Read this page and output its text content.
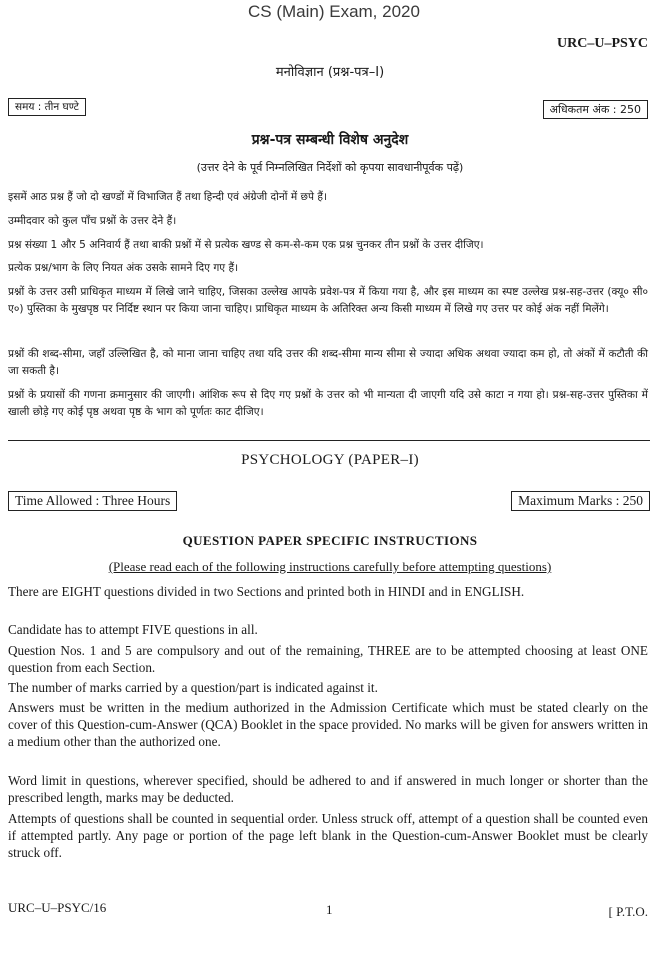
CS (Main) Exam, 2020
URC–U–PSYC
मनोविज्ञान (प्रश्न-पत्र–I)
समय : तीन घण्टे	अधिकतम अंक : 250
प्रश्न-पत्र सम्बन्धी विशेष अनुदेश
(उत्तर देने के पूर्व निम्नलिखित निर्देशों को कृपया सावधानीपूर्वक पढ़ें)
इसमें आठ प्रश्न हैं जो दो खण्डों में विभाजित हैं तथा हिन्दी एवं अंग्रेजी दोनों में छपे हैं।
उम्मीदवार को कुल पाँच प्रश्नों के उत्तर देने हैं।
प्रश्न संख्या 1 और 5 अनिवार्य हैं तथा बाकी प्रश्नों में से प्रत्येक खण्ड से कम-से-कम एक प्रश्न चुनकर तीन प्रश्नों के उत्तर दीजिए।
प्रत्येक प्रश्न/भाग के लिए नियत अंक उसके सामने दिए गए हैं।
प्रश्नों के उत्तर उसी प्राधिकृत माध्यम में लिखे जाने चाहिए, जिसका उल्लेख आपके प्रवेश-पत्र में किया गया है, और इस माध्यम का स्पष्ट उल्लेख प्रश्न-सह-उत्तर (क्यू० सी० ए०) पुस्तिका के मुखपृष्ठ पर निर्दिष्ट स्थान पर किया जाना चाहिए। प्राधिकृत माध्यम के अतिरिक्त अन्य किसी माध्यम में लिखे गए उत्तर पर कोई अंक नहीं मिलेंगे।
प्रश्नों की शब्द-सीमा, जहाँ उल्लिखित है, को माना जाना चाहिए तथा यदि उत्तर की शब्द-सीमा मान्य सीमा से ज्यादा अधिक अथवा ज्यादा कम हो, तो अंकों में कटौती की जा सकती है।
प्रश्नों के प्रयासों की गणना क्रमानुसार की जाएगी। आंशिक रूप से दिए गए प्रश्नों के उत्तर को भी मान्यता दी जाएगी यदि उसे काटा न गया हो। प्रश्न-सह-उत्तर पुस्तिका में खाली छोड़े गए कोई पृष्ठ अथवा पृष्ठ के भाग को पूर्णतः काट दीजिए।
PSYCHOLOGY (PAPER–I)
Time Allowed : Three Hours	Maximum Marks : 250
QUESTION PAPER SPECIFIC INSTRUCTIONS
(Please read each of the following instructions carefully before attempting questions)
There are EIGHT questions divided in two Sections and printed both in HINDI and in ENGLISH.
Candidate has to attempt FIVE questions in all.
Question Nos. 1 and 5 are compulsory and out of the remaining, THREE are to be attempted choosing at least ONE question from each Section.
The number of marks carried by a question/part is indicated against it.
Answers must be written in the medium authorized in the Admission Certificate which must be stated clearly on the cover of this Question-cum-Answer (QCA) Booklet in the space provided. No marks will be given for answers written in a medium other than the authorized one.
Word limit in questions, wherever specified, should be adhered to and if answered in much longer or shorter than the prescribed length, marks may be deducted.
Attempts of questions shall be counted in sequential order. Unless struck off, attempt of a question shall be counted even if attempted partly. Any page or portion of the page left blank in the Question-cum-Answer Booklet must be clearly struck off.
URC–U–PSYC/16	1	[ P.T.O.
